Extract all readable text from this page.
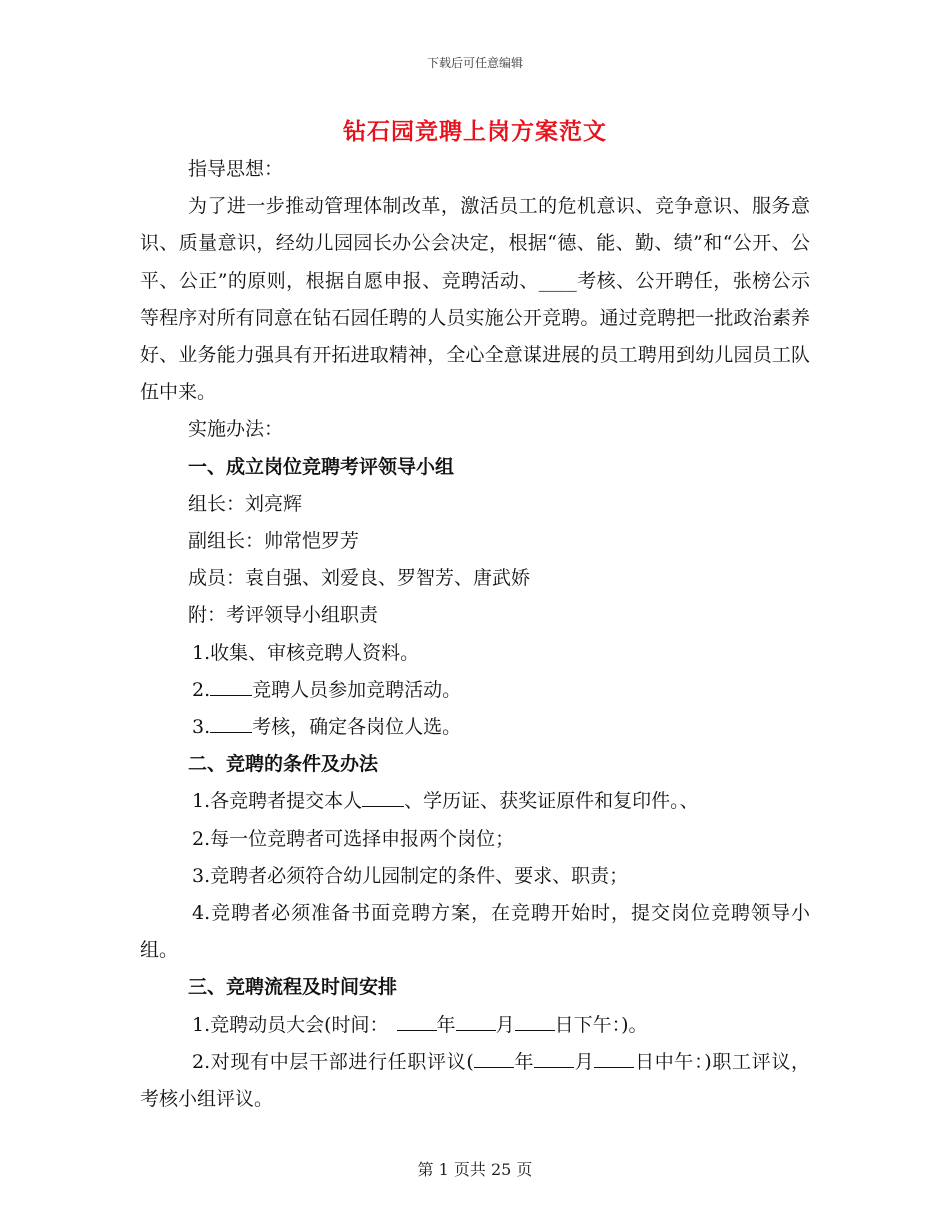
下载后可任意编辑
钻石园竞聘上岗方案范文

指导思想：

为了进一步推动管理体制改革，激活员工的危机意识、竞争意识、服务意识、质量意识，经幼儿园园长办公会决定，根据“德、能、勤、绩”和“公开、公平、公正”的原则，根据自愿申报、竞聘活动、____考核、公开聘任，张榜公示等程序对所有同意在钻石园任聘的人员实施公开竞聘。通过竞聘把一批政治素养好、业务能力强具有开拓进取精神，全心全意谋进展的员工聘用到幼儿园员工队伍中来。

实施办法：

一、成立岗位竞聘考评领导小组

组长：刘亮辉

副组长：帅常恺罗芳

成员：袁自强、刘爱良、罗智芳、唐武娇

附：考评领导小组职责

1.收集、审核竞聘人资料。

2. 竞聘人员参加竞聘活动。

3. 考核，确定各岗位人选。

二、竞聘的条件及办法

1.各竞聘者提交本人 、学历证、获奖证原件和复印件。、

2.每一位竞聘者可选择申报两个岗位；

3.竞聘者必须符合幼儿园制定的条件、要求、职责；

4.竞聘者必须准备书面竞聘方案，在竞聘开始时，提交岗位竞聘领导小组。

三、竞聘流程及时间安排

1.竞聘动员大会(时间：	年 月 日下午：)。

2.对现有中层干部进行任职评议( 年 月 日中午：)职工评议，考核小组评议。

第 1 页共 25 页
